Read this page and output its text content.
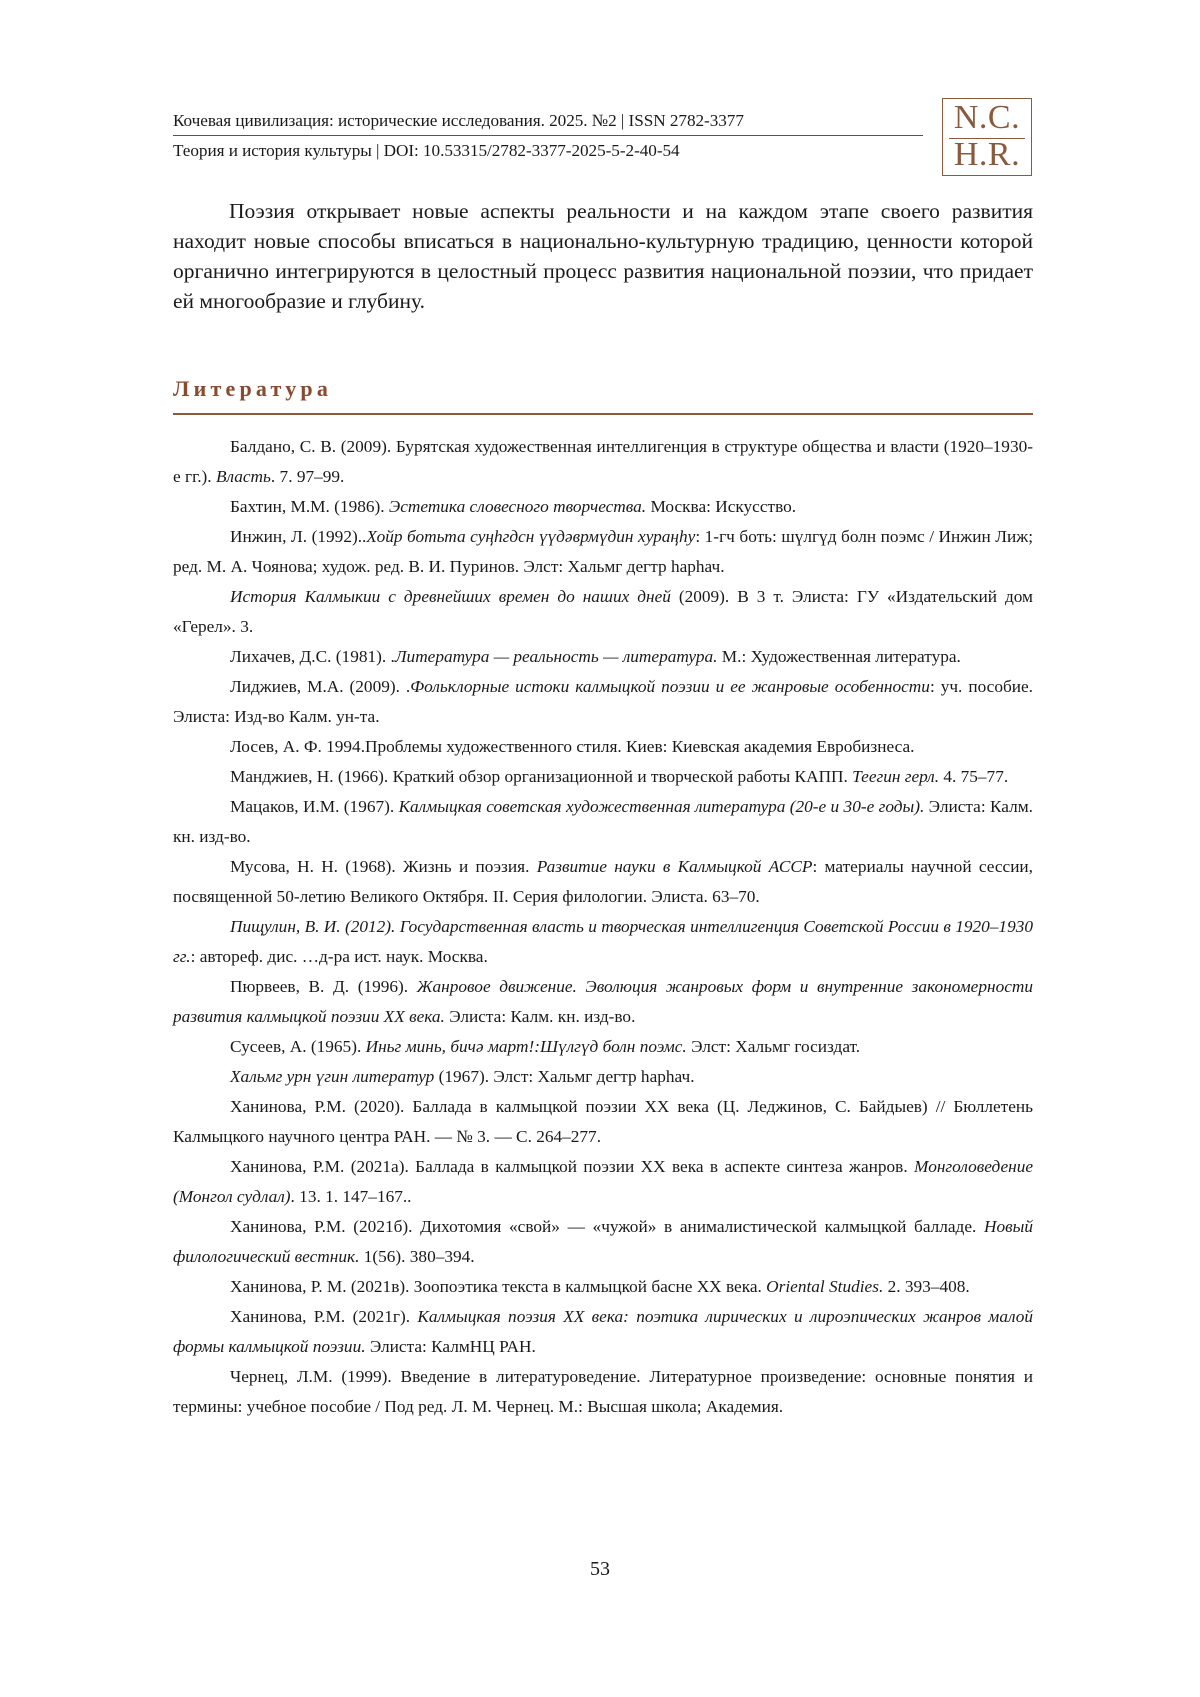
Кочевая цивилизация: исторические исследования. 2025. №2 | ISSN 2782-3377
Теория и история культуры | DOI: 10.53315/2782-3377-2025-5-2-40-54
N.C.
H.R.

Поэзия открывает новые аспекты реальности и на каждом этапе своего развития находит новые способы вписаться в национально-культурную традицию, ценности которой органично интегрируются в целостный процесс развития национальной поэзии, что придает ей многообразие и глубину.

Литература

Балдано, С. В. (2009). Бурятская художественная интеллигенция в структуре общества и власти (1920–1930-е гг.). Власть. 7. 97–99.

Бахтин, М.М. (1986). Эстетика словесного творчества. Москва: Искусство.

Инжин, Л. (1992)..Хойр ботьта суңһгдсн үүдәврмүдин хураңһу: 1-гч боть: шүлгүд болн поэмс / Инжин Лиж; ред. М. А. Чоянова; худож. ред. В. И. Пуринов. Элст: Хальмг дегтр һарһач.

История Калмыкии с древнейших времен до наших дней (2009). В 3 т. Элиста: ГУ «Издательский дом «Герел». 3.

Лихачев, Д.С. (1981). .Литература — реальность — литература. М.: Художественная литература.

Лиджиев, М.А. (2009). .Фольклорные истоки калмыцкой поэзии и ее жанровые особенности: уч. пособие. Элиста: Изд-во Калм. ун-та.

Лосев, А. Ф. 1994.Проблемы художественного стиля. Киев: Киевская академия Евробизнеса.

Манджиев, Н. (1966). Краткий обзор организационной и творческой работы КАПП. Теегин герл. 4. 75–77.

Мацаков, И.М. (1967). Калмыцкая советская художественная литература (20-е и 30-е годы). Элиста: Калм. кн. изд-во.

Мусова, Н. Н. (1968). Жизнь и поэзия. Развитие науки в Калмыцкой АССР: материалы научной сессии, посвященной 50-летию Великого Октября. II. Серия филологии. Элиста. 63–70.

Пищулин, В. И. (2012). Государственная власть и творческая интеллигенция Советской России в 1920–1930 гг.: автореф. дис. …д-ра ист. наук. Москва.

Пюрвеев, В. Д. (1996). Жанровое движение. Эволюция жанровых форм и внутренние закономерности развития калмыцкой поэзии XX века. Элиста: Калм. кн. изд-во.

Сусеев, А. (1965). Иньг минь, бичә март!:Шүлгүд болн поэмс. Элст: Хальмг госиздат.

Хальмг урн үгин литератур (1967). Элст: Хальмг дегтр һарһач.

Ханинова, Р.М. (2020). Баллада в калмыцкой поэзии XX века (Ц. Леджинов, С. Байдыев) // Бюллетень Калмыцкого научного центра РАН. — № 3. — С. 264–277.

Ханинова, Р.М. (2021а). Баллада в калмыцкой поэзии XX века в аспекте синтеза жанров. Монголоведение (Монгол судлал). 13. 1. 147–167..

Ханинова, Р.М. (2021б). Дихотомия «свой» — «чужой» в анималистической калмыцкой балладе. Новый филологический вестник. 1(56). 380–394.

Ханинова, Р. М. (2021в). Зоопоэтика текста в калмыцкой басне XX века. Oriental Studies. 2. 393–408.

Ханинова, Р.М. (2021г). Калмыцкая поэзия XX века: поэтика лирических и лироэпических жанров малой формы калмыцкой поэзии. Элиста: КалмНЦ РАН.

Чернец, Л.М. (1999). Введение в литературоведение. Литературное произведение: основные понятия и термины: учебное пособие / Под ред. Л. М. Чернец. М.: Высшая школа; Академия.

53
